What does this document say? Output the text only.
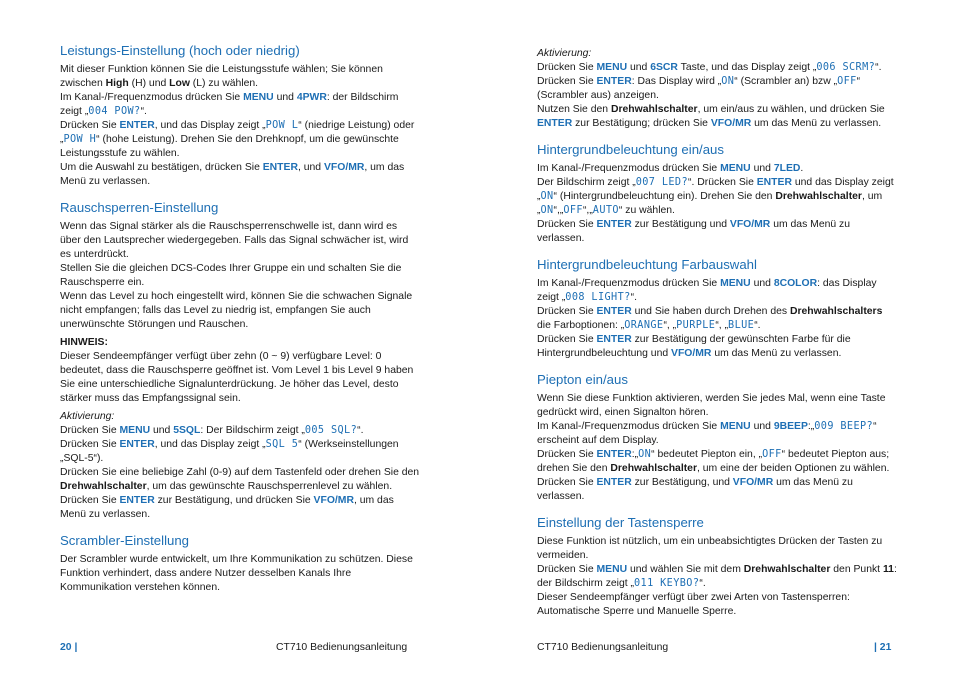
Leistungs-Einstellung (hoch oder niedrig)

Mit dieser Funktion können Sie die Leistungsstufe wählen; Sie können zwischen High (H) und Low (L) zu wählen.

Im Kanal-/Frequenzmodus drücken Sie MENU und 4PWR: der Bildschirm zeigt „004 POW?“.

Drücken Sie ENTER, und das Display zeigt „POW L“ (niedrige Leistung) oder „POW H“ (hohe Leistung). Drehen Sie den Drehknopf, um die gewünschte Leistungsstufe zu wählen.

Um die Auswahl zu bestätigen, drücken Sie ENTER, und VFO/MR, um das Menü zu verlassen.

Rauschsperren-Einstellung

Wenn das Signal stärker als die Rauschsperrenschwelle ist, dann wird es über den Lautsprecher wiedergegeben. Falls das Signal schwächer ist, wird es unterdrückt.

Stellen Sie die gleichen DCS-Codes Ihrer Gruppe ein und schalten Sie die Rauschsperre ein.

Wenn das Level zu hoch eingestellt wird, können Sie die schwachen Signale nicht empfangen; falls das Level zu niedrig ist, empfangen Sie auch unerwünschte Störungen und Rauschen.

HINWEIS:

Dieser Sendeempfänger verfügt über zehn (0 ~ 9) verfügbare Level: 0 bedeutet, dass die Rauschsperre geöffnet ist. Vom Level 1 bis Level 9 haben Sie eine unterschiedliche Signalunterdrückung. Je höher das Level, desto stärker muss das Empfangssignal sein.

Aktivierung:

Drücken Sie MENU und 5SQL: Der Bildschirm zeigt „005 SQL?“.

Drücken Sie ENTER, und das Display zeigt „SQL 5“ (Werkseinstellungen „SQL-5“).

Drücken Sie eine beliebige Zahl (0-9) auf dem Tastenfeld oder drehen Sie den Drehwahlschalter, um das gewünschte Rauschsperrenlevel zu wählen.

Drücken Sie ENTER zur Bestätigung, und drücken Sie VFO/MR, um das Menü zu verlassen.

Scrambler-Einstellung

Der Scrambler wurde entwickelt, um Ihre Kommunikation zu schützen. Diese Funktion verhindert, dass andere Nutzer desselben Kanals Ihre Kommunikation verstehen können.

Aktivierung:

Drücken Sie MENU und 6SCR Taste, und das Display zeigt „006 SCRM?“.

Drücken Sie ENTER: Das Display wird „ON“ (Scrambler an) bzw „OFF“ (Scrambler aus) anzeigen.

Nutzen Sie den Drehwahlschalter, um ein/aus zu wählen, und drücken Sie ENTER zur Bestätigung; drücken Sie VFO/MR um das Menü zu verlassen.

Hintergrundbeleuchtung ein/aus

Im Kanal-/Frequenzmodus drücken Sie MENU und 7LED.

Der Bildschirm zeigt „007 LED?“. Drücken Sie ENTER und das Display zeigt „ON“ (Hintergrundbeleuchtung ein). Drehen Sie den Drehwahlschalter, um „ON“,„OFF“,„AUTO“ zu wählen.

Drücken Sie ENTER zur Bestätigung und VFO/MR um das Menü zu verlassen.

Hintergrundbeleuchtung Farbauswahl

Im Kanal-/Frequenzmodus drücken Sie MENU und 8COLOR: das Display zeigt „008 LIGHT?“.

Drücken Sie ENTER und Sie haben durch Drehen des Drehwahlschalters die Farboptionen: „ORANGE“, „PURPLE“, „BLUE“.

Drücken Sie ENTER zur Bestätigung der gewünschten Farbe für die Hintergrundbeleuchtung und VFO/MR um das Menü zu verlassen.

Piepton ein/aus

Wenn Sie diese Funktion aktivieren, werden Sie jedes Mal, wenn eine Taste gedrückt wird, einen Signalton hören.

Im Kanal-/Frequenzmodus drücken Sie MENU und 9BEEP:„009 BEEP?“ erscheint auf dem Display.

Drücken Sie ENTER:„ON“ bedeutet Piepton ein, „OFF“ bedeutet Piepton aus; drehen Sie den Drehwahlschalter, um eine der beiden Optionen zu wählen. Drücken Sie ENTER zur Bestätigung, und VFO/MR um das Menü zu verlassen.

Einstellung der Tastensperre

Diese Funktion ist nützlich, um ein unbeabsichtigtes Drücken der Tasten zu vermeiden.

Drücken Sie MENU und wählen Sie mit dem Drehwahlschalter den Punkt 11: der Bildschirm zeigt „011 KEYBO?“.

Dieser Sendeempfänger verfügt über zwei Arten von Tastensperren: Automatische Sperre und Manuelle Sperre.

20 |	CT710 Bedienungsanleitung	CT710 Bedienungsanleitung	| 21
